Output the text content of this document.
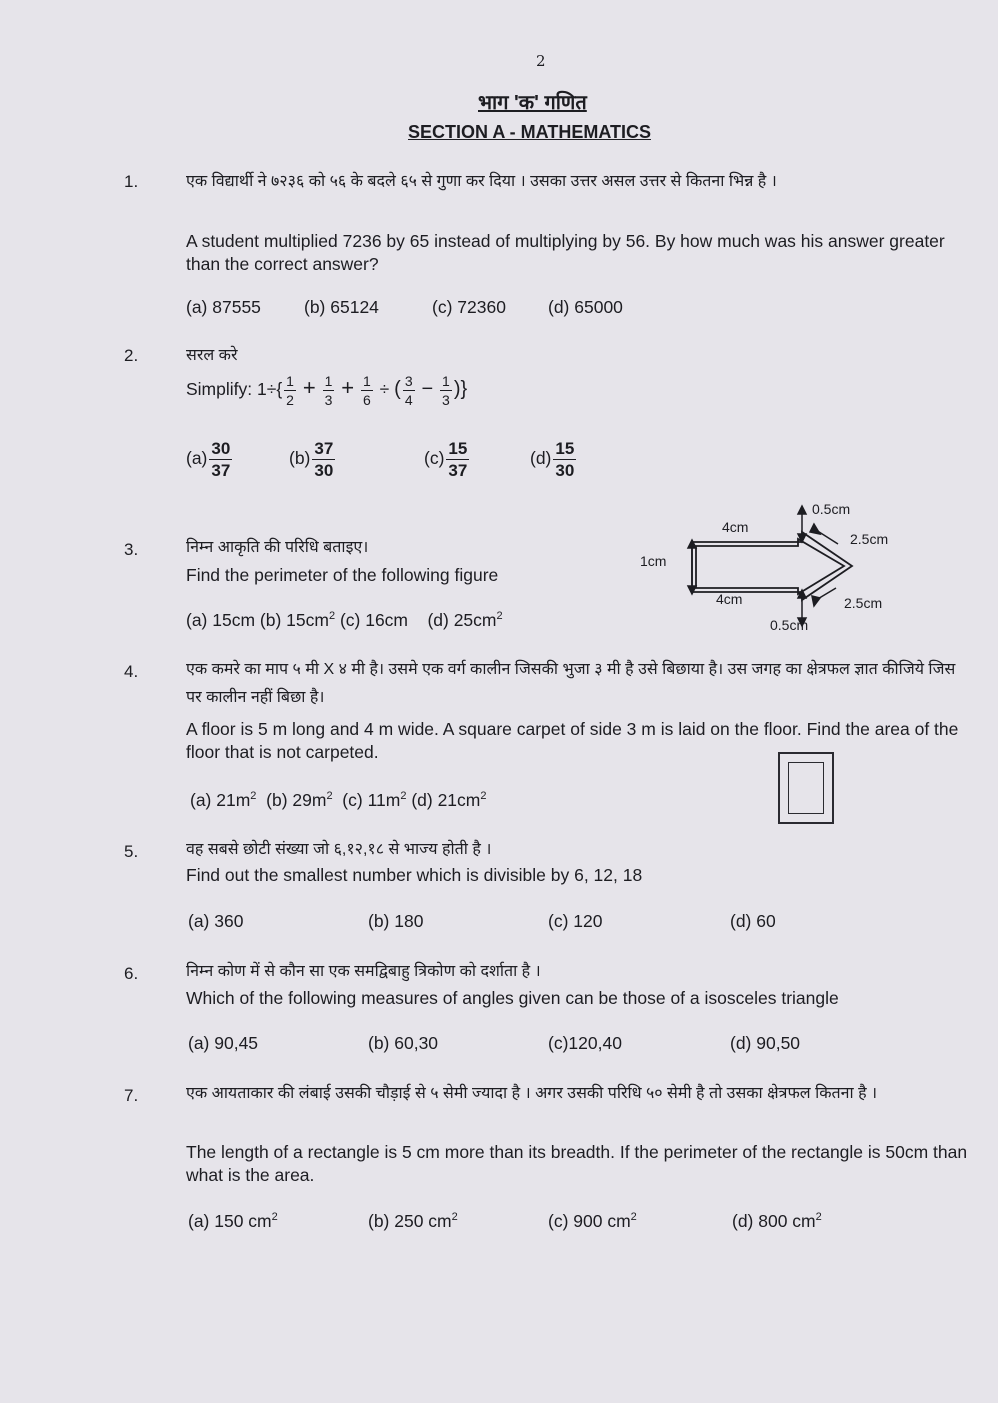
2
भाग 'क' गणित
SECTION A - MATHEMATICS
1.	एक विद्यार्थी ने ७२३६ को ५६ के बदले ६५ से गुणा कर दिया । उसका उत्तर असल उत्तर से कितना भिन्न है ।
A student multiplied 7236 by 65 instead of multiplying by 56. By how much was his answer greater than the correct answer?
(a) 87555 (b) 65124	(c) 72360 (d) 65000
2.	सरल करे
Simplify: $1\div\{ \frac{1}{2} + \frac{1}{3} + \frac{1}{6}$ ÷ ( $\frac{3}{4} - \frac{1}{3}$ )}
$(a) \frac{30}{37}$	$(b) \frac{37}{30}$	$(c) \frac{15}{37}$	$(d) \frac{15}{30}$
3.	निम्न आकृति की परिधि बताइए।
Find the perimeter of the following figure
(a) 15cm (b) $15cm^2$ (c) 16cm    (d) $25cm^2$
4cm
4cm
1cm
0.5cm
0.5cm
2.5cm
2.5cm
4.	एक कमरे का माप ५ मी X ४ मी है। उसमे एक वर्ग कालीन जिसकी भुजा ३ मी है उसे बिछाया है। उस जगह का क्षेत्रफल ज्ञात कीजिये जिस पर कालीन नहीं बिछा है।
A floor is 5 m long and 4 m wide. A square carpet of side 3 m is laid on the floor. Find the area of the floor that is not carpeted.
(a) $21m^2$  (b) $29m^2$  (c) $11m^2$ (d) $21cm^2$
5.	वह सबसे छोटी संख्या जो ६,१२,१८ से भाज्य होती है ।
Find out the smallest number which is divisible by 6, 12, 18
(a) 360	(b) 180	(c) 120	(d) 60
6.	निम्न कोण में से कौन सा एक समद्विबाहु त्रिकोण को दर्शाता है ।
Which of the following measures of angles given can be those of a isosceles triangle
(a) 90,45	(b) 60,30	(c)120,40	(d) 90,50
7.	एक आयताकार की लंबाई उसकी चौड़ाई से ५ सेमी ज्यादा है । अगर उसकी परिधि ५० सेमी है तो उसका क्षेत्रफल कितना है ।
The length of a rectangle is 5 cm more than its breadth. If the perimeter of the rectangle is 50cm than what is the area.
(a) 150 $cm^2$	(b) 250 $cm^2$	(c) 900 $cm^2$	(d) 800 $cm^2$
